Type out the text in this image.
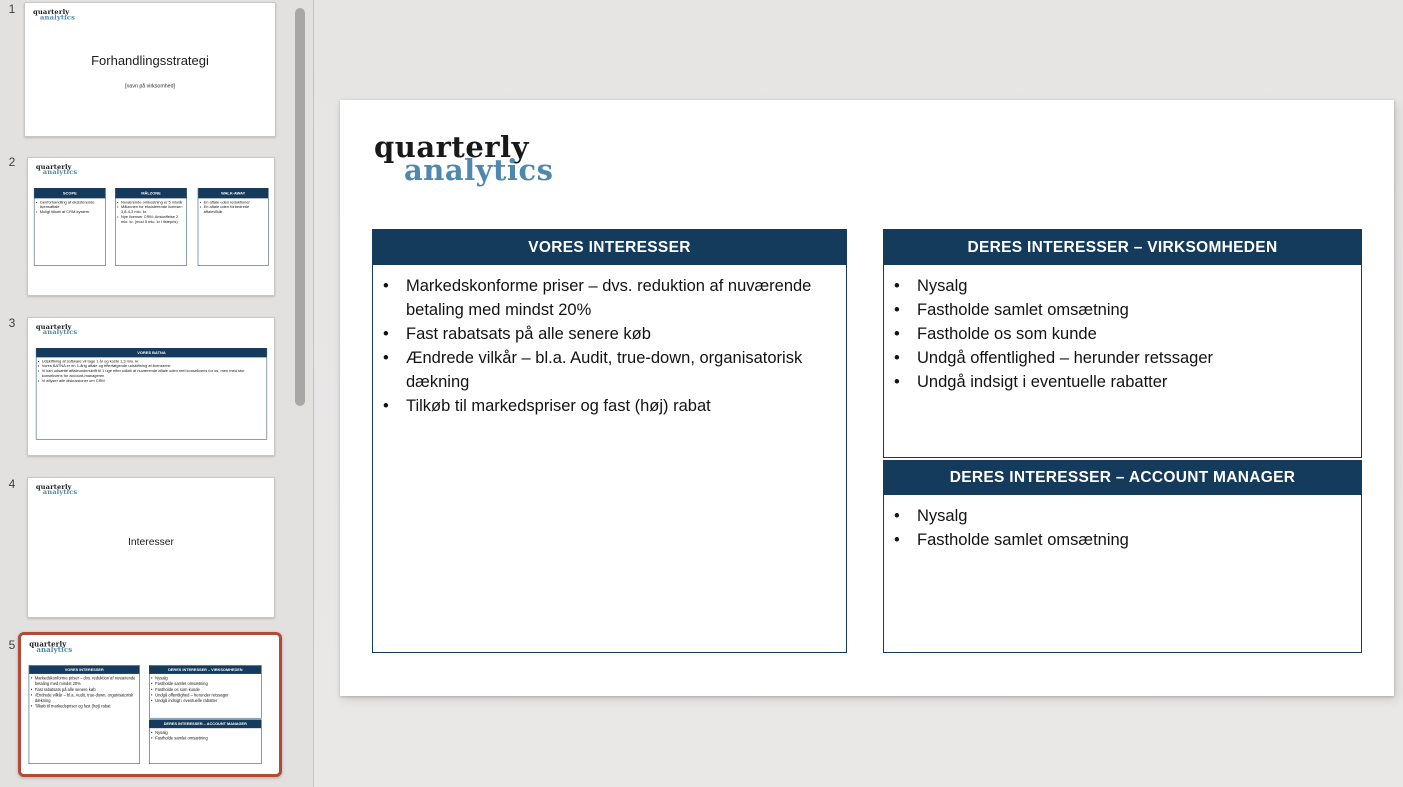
1
2
3
4
5
quarterly
analytics
Forhandlingsstrategi
[navn på virksomhed]
quarterly
analytics
SCOPE
• Genforhandling af eksisterende licensaftale
• Muligt tilkøb af CRM-system
MÅLZONE
• Nuværende omkostning er 5 mio/år
• Målzonen for eksisterende licenser: 3,8-4,3 mio. kr.
• Nye licenser CRM: Anskaffelse 2 mio. kr. (mod 5 mio. kr i listepris)
WALK-AWAY
• En aftale uden reduktioner
• En aftale uden forbedrede aftalevilkår
quarterly
analytics
VORES BATNA
• Udskiftning af software vil tage 1 år og koste 1,3 mio. kr.
• Vores BATNA er en 1-årig aftale og efterfølgende udskiftning af licenserne
• Vi kan udsætte aftaleunderskrift til 1 uge efter udløb af nuværende aftale uden reel konsekvens for os, men med stor konsekvens for account-manageren
• Vi aflyser alle diskussioner om CRM
quarterly
analytics
Interesser
quarterly
analytics
VORES INTERESSER
• Markedskonforme priser – dvs. reduktion af nuværende betaling med mindst 20%
• Fast rabatsats på alle senere køb
• Ændrede vilkår – bl.a. Audit, true-down, organisatorisk dækning
• Tilkøb til markedspriser og fast (høj) rabat
DERES INTERESSER – VIRKSOMHEDEN
• Nysalg
• Fastholde samlet omsætning
• Fastholde os som kunde
• Undgå offentlighed – herunder retssager
• Undgå indsigt i eventuelle rabatter
DERES INTERESSER – ACCOUNT MANAGER
• Nysalg
• Fastholde samlet omsætning
quarterly
analytics
VORES INTERESSER
• Markedskonforme priser – dvs. reduktion af nuværende betaling med mindst 20%
• Fast rabatsats på alle senere køb
• Ændrede vilkår – bl.a. Audit, true-down, organisatorisk dækning
• Tilkøb til markedspriser og fast (høj) rabat
DERES INTERESSER – VIRKSOMHEDEN
• Nysalg
• Fastholde samlet omsætning
• Fastholde os som kunde
• Undgå offentlighed – herunder retssager
• Undgå indsigt i eventuelle rabatter
DERES INTERESSER – ACCOUNT MANAGER
• Nysalg
• Fastholde samlet omsætning
